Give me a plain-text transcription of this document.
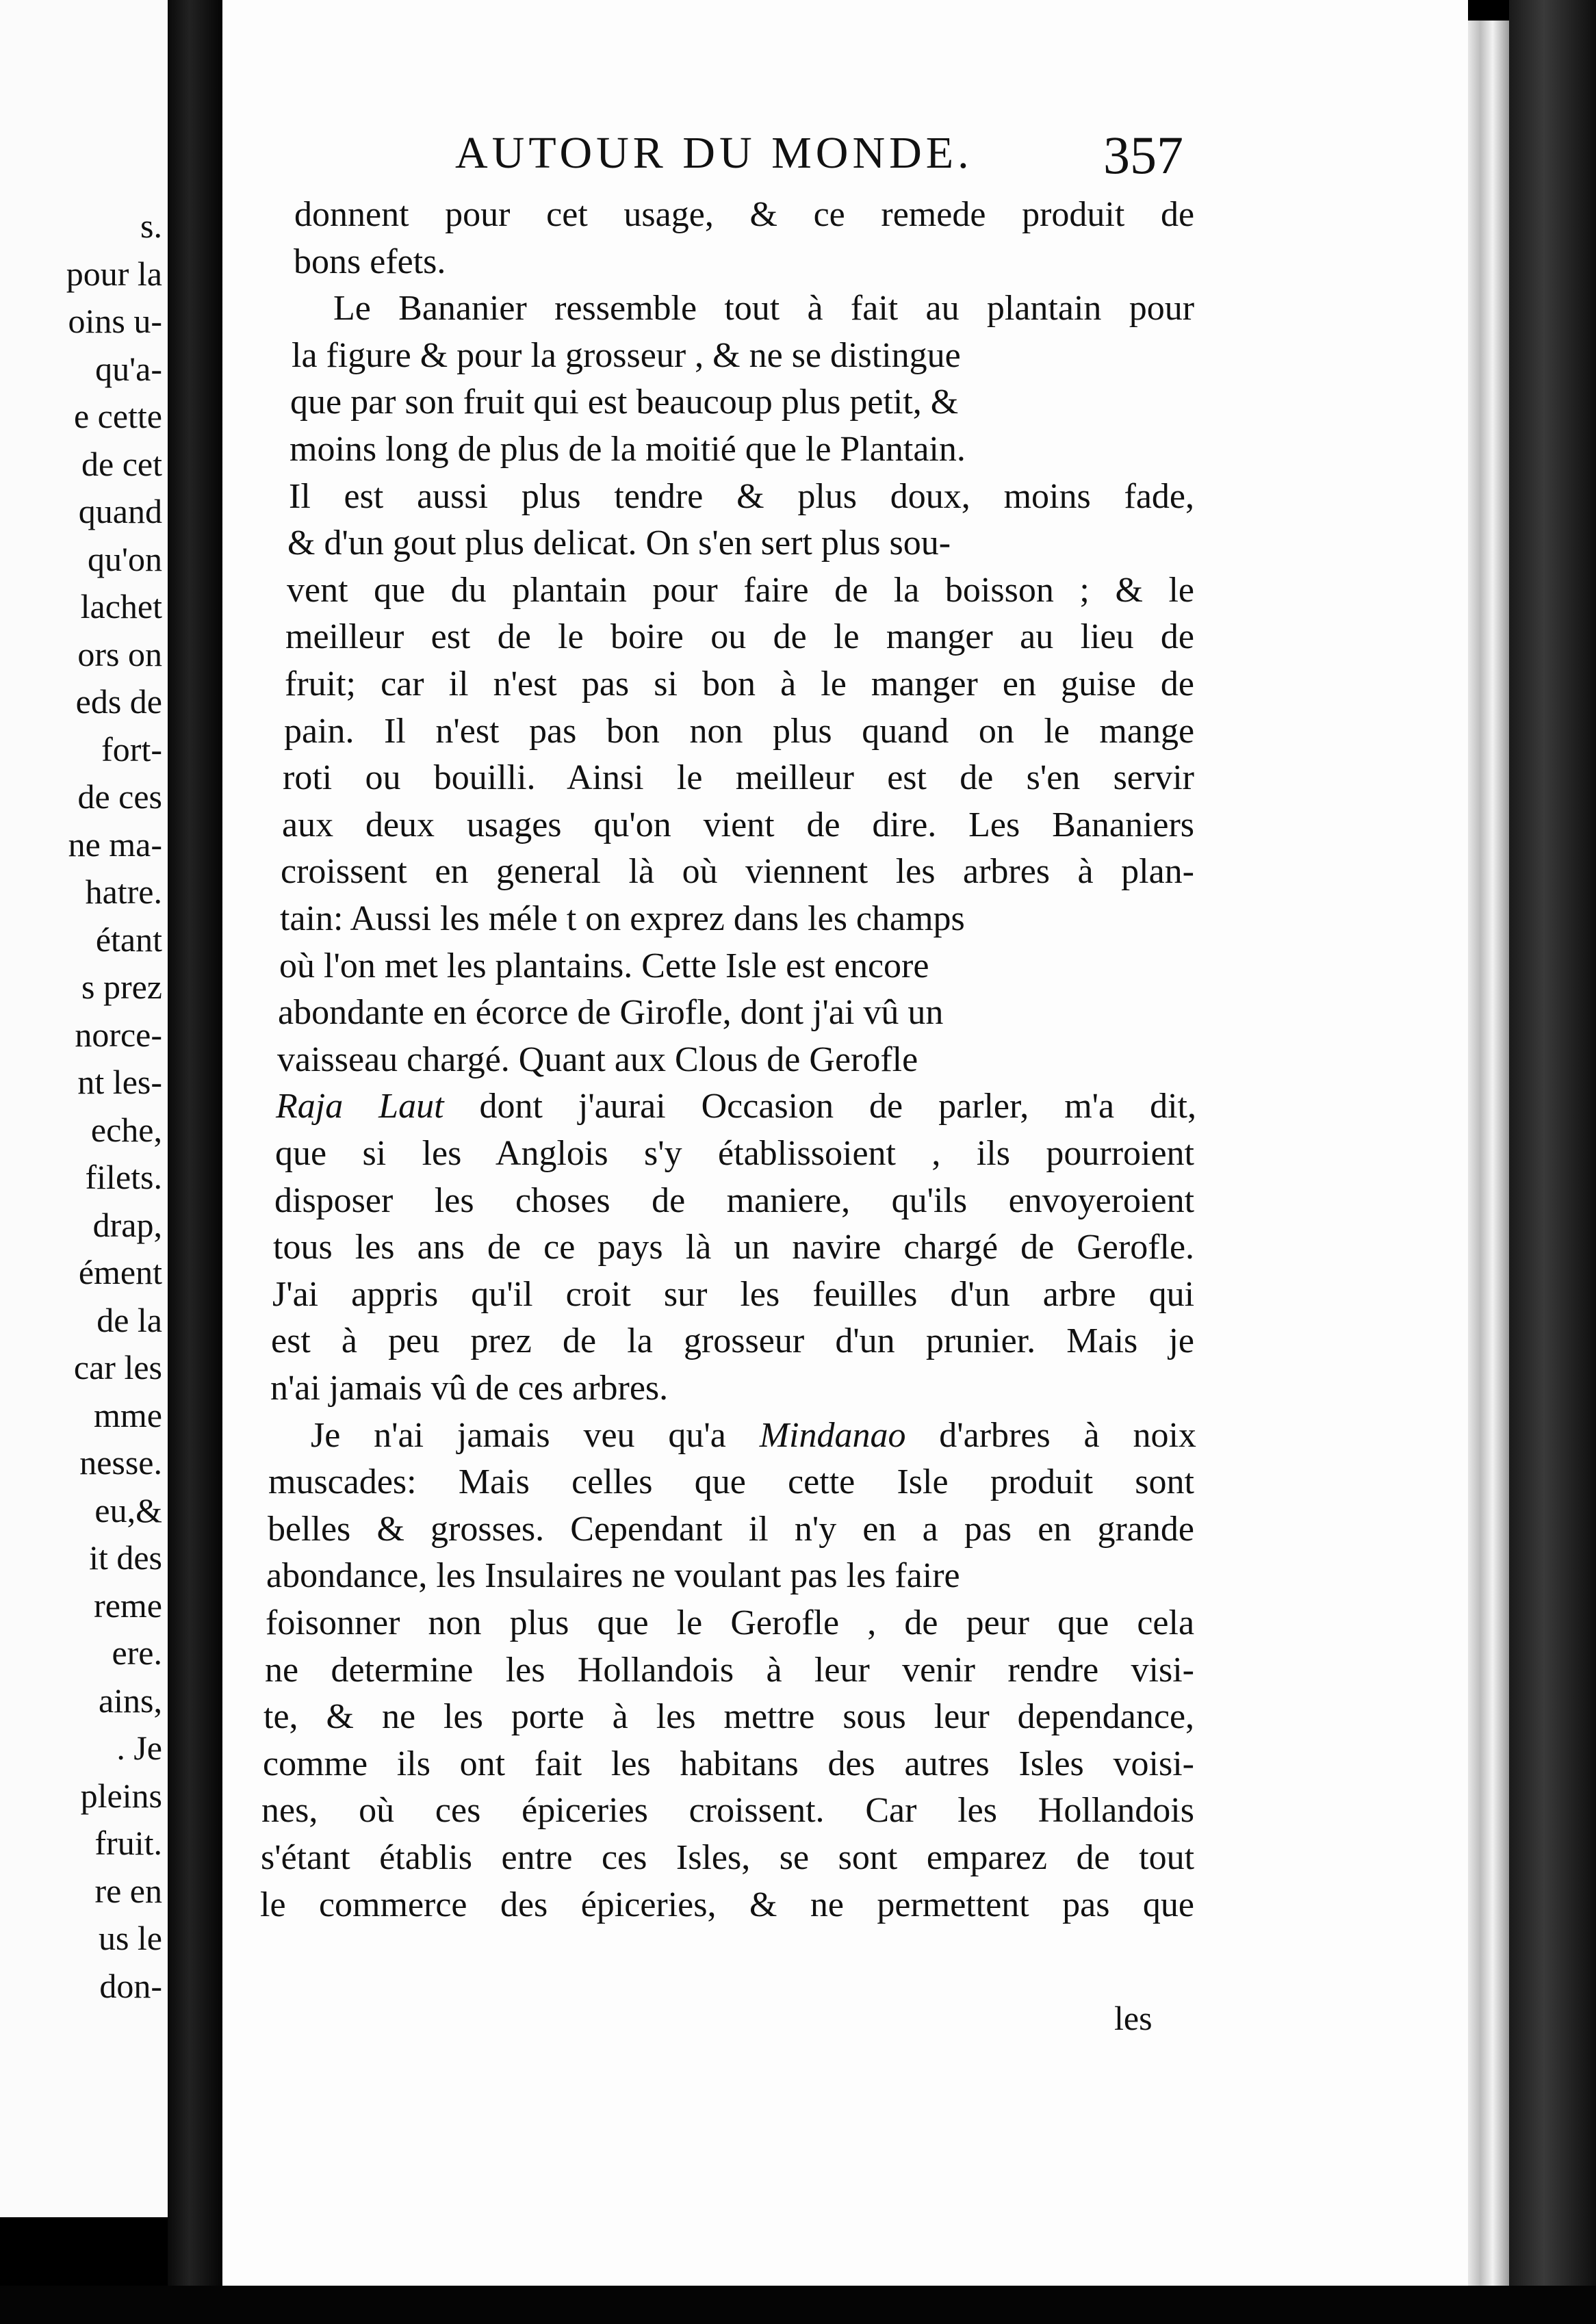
s.
pour la
oins u-
qu'a-
e cette
de cet
quand
qu'on
lachet
ors on
eds de
fort-
de ces
ne ma-
hatre.
étant
s prez
norce-
nt les-
eche,
filets.
drap,
ément
de la
car les
mme
nesse.
eu,&
it des
reme
ere.
ains,
. Je
pleins
fruit.
re en
us le
don-
AUTOUR DU MONDE. 357
les
donnent pour cet usage, & ce remede produit de
bons efets.
Le Bananier ressemble tout à fait au plantain pour
la figure & pour la grosseur , & ne se distingue
que par son fruit qui est beaucoup plus petit, &
moins long de plus de la moitié que le Plantain.
Il est aussi plus tendre & plus doux, moins fade,
& d'un gout plus delicat. On s'en sert plus sou-
vent que du plantain pour faire de la boisson ; & le
meilleur est de le boire ou de le manger au lieu de
fruit; car il n'est pas si bon à le manger en guise de
pain. Il n'est pas bon non plus quand on le mange
roti ou bouilli. Ainsi le meilleur est de s'en servir
aux deux usages qu'on vient de dire. Les Bananiers
croissent en general là où viennent les arbres à plan-
tain: Aussi les méle t on exprez dans les champs
où l'on met les plantains. Cette Isle est encore
abondante en écorce de Girofle, dont j'ai vû un
vaisseau chargé. Quant aux Clous de Gerofle
Raja Laut dont j'aurai Occasion de parler, m'a dit,
que si les Anglois s'y établissoient , ils pourroient
disposer les choses de maniere, qu'ils envoyeroient
tous les ans de ce pays là un navire chargé de Gerofle.
J'ai appris qu'il croit sur les feuilles d'un arbre qui
est à peu prez de la grosseur d'un prunier. Mais je
n'ai jamais vû de ces arbres.
Je n'ai jamais veu qu'a Mindanao d'arbres à noix
muscades: Mais celles que cette Isle produit sont
belles & grosses. Cependant il n'y en a pas en grande
abondance, les Insulaires ne voulant pas les faire
foisonner non plus que le Gerofle , de peur que cela
ne determine les Hollandois à leur venir rendre visi-
te, & ne les porte à les mettre sous leur dependance,
comme ils ont fait les habitans des autres Isles voisi-
nes, où ces épiceries croissent. Car les Hollandois
s'étant établis entre ces Isles, se sont emparez de tout
le commerce des épiceries, & ne permettent pas que
